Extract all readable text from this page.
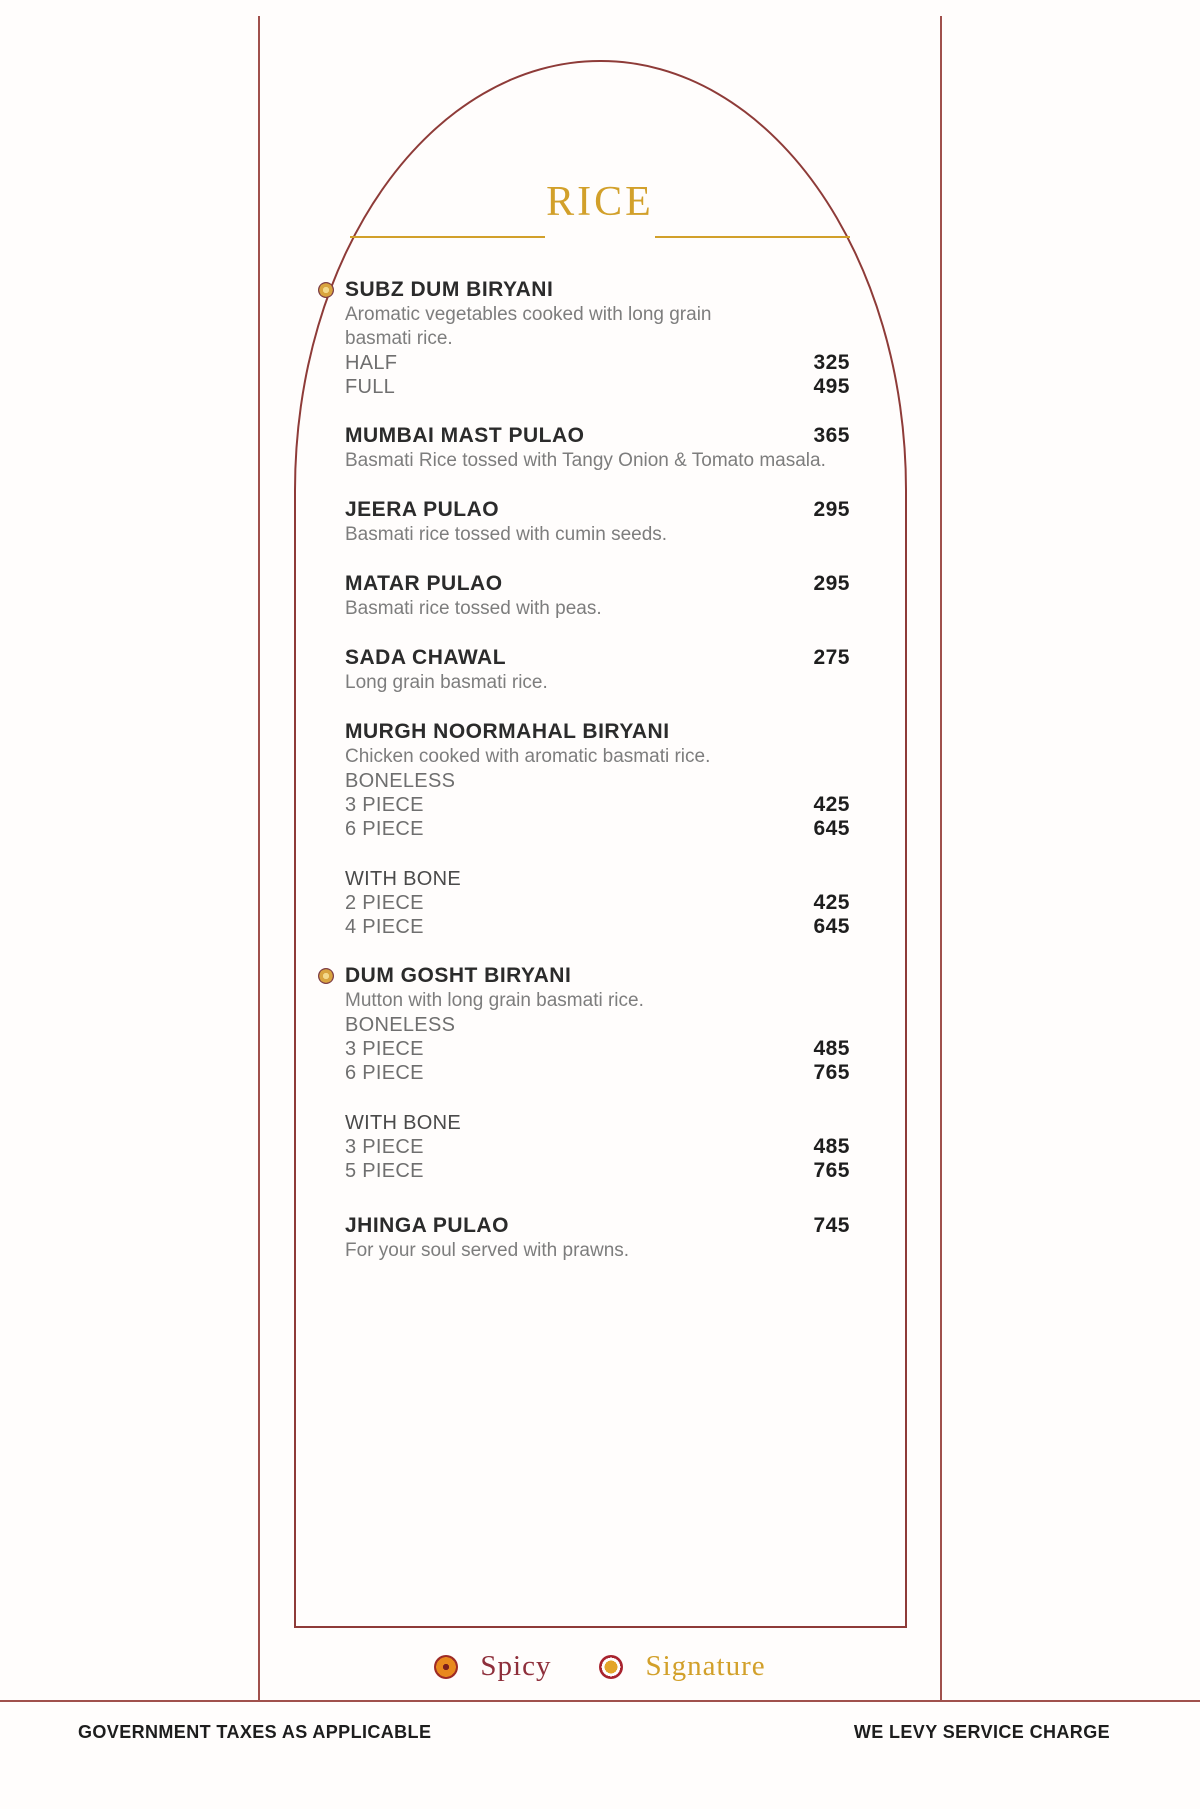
RICE
SUBZ DUM BIRYANI
Aromatic vegetables cooked with long grain
basmati rice.
HALF	325
FULL	495
MUMBAI MAST PULAO	365
Basmati Rice tossed with Tangy Onion & Tomato masala.
JEERA PULAO	295
Basmati rice tossed with cumin seeds.
MATAR PULAO	295
Basmati rice tossed with peas.
SADA CHAWAL	275
Long grain basmati rice.
MURGH NOORMAHAL BIRYANI
Chicken cooked with aromatic basmati rice.
BONELESS
3 PIECE	425
6 PIECE	645
WITH BONE
2 PIECE	425
4 PIECE	645
DUM GOSHT BIRYANI
Mutton with long grain basmati rice.
BONELESS
3 PIECE	485
6 PIECE	765
WITH BONE
3 PIECE	485
5 PIECE	765
JHINGA PULAO	745
For your soul served with prawns.
Spicy	Signature
GOVERNMENT TAXES AS APPLICABLE	WE LEVY SERVICE CHARGE
